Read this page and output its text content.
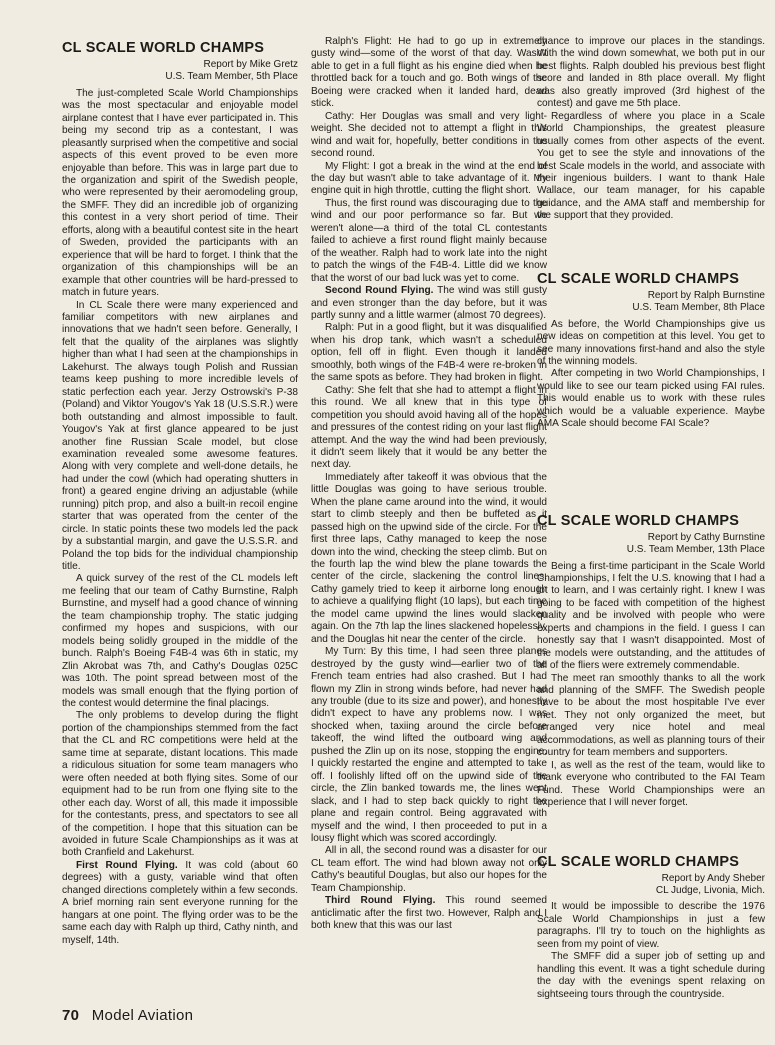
CL SCALE WORLD CHAMPS
Report by Mike Gretz
U.S. Team Member, 5th Place

The just-completed Scale World Championships was the most spectacular and enjoyable model airplane contest that I have ever participated in. This being my second trip as a contestant, I was pleasantly surprised when the competitive and social aspects of this event proved to be even more enjoyable than before. This was in large part due to the organization and spirit of the Swedish people, who were represented by their aeromodeling group, the SMFF. They did an incredible job of organizing this contest in a very short period of time. Their efforts, along with a beautiful contest site in the heart of Sweden, provided the participants with an experience that will be hard to forget. I think that the organization of this championships will be an example that other countries will be hard-pressed to match in future years.

In CL Scale there were many experienced and familiar competitors with new airplanes and innovations that we hadn't seen before. Generally, I felt that the quality of the airplanes was slightly higher than what I had seen at the championships in Lakehurst. The always tough Polish and Russian teams keep pushing to more incredible levels of static perfection each year. Jerzy Ostrowski's P-38 (Poland) and Viktor Yougov's Yak 18 (U.S.S.R.) were both outstanding and almost impossible to fault. Yougov's Yak at first glance appeared to be just another fine Russian Scale model, but close examination revealed some awesome features. Along with very complete and well-done details, he had under the cowl (which had operating shutters in front) a geared engine driving an adjustable (while running) pitch prop, and also a built-in recoil engine starter that was operated from the center of the circle. In static points these two models led the pack by a substantial margin, and gave the U.S.S.R. and Poland the top bids for the individual championship title.

A quick survey of the rest of the CL models left me feeling that our team of Cathy Burnstine, Ralph Burnstine, and myself had a good chance of winning the team championship trophy. The static judging confirmed my hopes and suspicions, with our models being solidly grouped in the middle of the bunch. Ralph's Boeing F4B-4 was 6th in static, my Zlin Akrobat was 7th, and Cathy's Douglas 025C was 10th. The point spread between most of the models was small enough that the flying portion of the contest would determine the final placings.

The only problems to develop during the flight portion of the championships stemmed from the fact that the CL and RC competitions were held at the same time at separate, distant locations. This made a ridiculous situation for some team managers who were often needed at both flying sites. Some of our equipment had to be run from one flying site to the other each day. Worst of all, this made it impossible for the contestants, press, and spectators to see all of the competition. I hope that this situation can be avoided in future Scale Championships as it was at both Cranfield and Lakehurst.

First Round Flying. It was cold (about 60 degrees) with a gusty, variable wind that often changed directions completely within a few seconds. A brief morning rain sent everyone running for the hangars at one point. The flying order was to be the same each day with Ralph up third, Cathy ninth, and myself, 14th.

Ralph's Flight: He had to go up in extremely gusty wind—some of the worst of that day. Wasn't able to get in a full flight as his engine died when he throttled back for a touch and go. Both wings of the Boeing were cracked when it landed hard, dead stick.

Cathy: Her Douglas was small and very light-weight. She decided not to attempt a flight in this wind and wait for, hopefully, better conditions in the second round.

My Flight: I got a break in the wind at the end of the day but wasn't able to take advantage of it. My engine quit in high throttle, cutting the flight short.

Thus, the first round was discouraging due to the wind and our poor performance so far. But we weren't alone—a third of the total CL contestants failed to achieve a first round flight mainly because of the weather. Ralph had to work late into the night to patch the wings of the F4B-4. Little did we know that the worst of our bad luck was yet to come.

Second Round Flying. The wind was still gusty and even stronger than the day before, but it was partly sunny and a little warmer (almost 70 degrees).

Ralph: Put in a good flight, but it was disqualified when his drop tank, which wasn't a scheduled option, fell off in flight. Even though it landed smoothly, both wings of the F4B-4 were re-broken in the same spots as before. They had broken in flight.

Cathy: She felt that she had to attempt a flight in this round. We all knew that in this type of competition you should avoid having all of the hopes and pressures of the contest riding on your last flight attempt. And the way the wind had been previously, it didn't seem likely that it would be any better the next day.

Immediately after takeoff it was obvious that the little Douglas was going to have serious trouble. When the plane came around into the wind, it would start to climb steeply and then be buffeted as it passed high on the upwind side of the circle. For the first three laps, Cathy managed to keep the nose down into the wind, checking the steep climb. But on the fourth lap the wind blew the plane towards the center of the circle, slackening the control lines. Cathy gamely tried to keep it airborne long enough to achieve a qualifying flight (10 laps), but each time the model came upwind the lines would slacken again. On the 7th lap the lines slackened hopelessly, and the Douglas hit near the center of the circle.

My Turn: By this time, I had seen three planes destroyed by the gusty wind—earlier two of the French team entries had also crashed. But I had flown my Zlin in strong winds before, had never had any trouble (due to its size and power), and honestly didn't expect to have any problems now. I was shocked when, taxiing around the circle before takeoff, the wind lifted the outboard wing and pushed the Zlin up on its nose, stopping the engine. I quickly restarted the engine and attempted to take off. I foolishly lifted off on the upwind side of the circle, the Zlin banked towards me, the lines went slack, and I had to step back quickly to right the plane and regain control. Being aggravated with myself and the wind, I then proceeded to put in a lousy flight which was scored accordingly.

All in all, the second round was a disaster for our CL team effort. The wind had blown away not only Cathy's beautiful Douglas, but also our hopes for the Team Championship.

Third Round Flying. This round seemed anticlimatic after the first two. However, Ralph and I both knew that this was our last

chance to improve our places in the standings. With the wind down somewhat, we both put in our best flights. Ralph doubled his previous best flight score and landed in 8th place overall. My flight was also greatly improved (3rd highest of the contest) and gave me 5th place.

Regardless of where you place in a Scale World Championships, the greatest pleasure usually comes from other aspects of the event. You get to see the style and innovations of the best Scale models in the world, and associate with their ingenious builders. I want to thank Hale Wallace, our team manager, for his capable guidance, and the AMA staff and membership for the support that they provided.

CL SCALE WORLD CHAMPS
Report by Ralph Burnstine
U.S. Team Member, 8th Place

As before, the World Championships give us new ideas on competition at this level. You get to see many innovations first-hand and also the style of the winning models.

After competing in two World Championships, I would like to see our team picked using FAI rules. This would enable us to work with these rules which would be a valuable experience. Maybe AMA Scale should become FAI Scale?

CL SCALE WORLD CHAMPS
Report by Cathy Burnstine
U.S. Team Member, 13th Place

Being a first-time participant in the Scale World Championships, I felt the U.S. knowing that I had a lot to learn, and I was certainly right. I knew I was going to be faced with competition of the highest quality and be involved with people who were experts and champions in the field. I guess I can honestly say that I wasn't disappointed. Most of the models were outstanding, and the attitudes of all of the fliers were extremely commendable.

The meet ran smoothly thanks to all the work and planning of the SMFF. The Swedish people have to be about the most hospitable I've ever met. They not only organized the meet, but arranged very nice hotel and meal accommodations, as well as planning tours of their country for team members and supporters.

I, as well as the rest of the team, would like to thank everyone who contributed to the FAI Team Fund. These World Championships were an experience that I will never forget.

CL SCALE WORLD CHAMPS
Report by Andy Sheber
CL Judge, Livonia, Mich.

It would be impossible to describe the 1976 Scale World Championships in just a few paragraphs. I'll try to touch on the highlights as seen from my point of view.

The SMFF did a super job of setting up and handling this event. It was a tight schedule during the day with the evenings spent relaxing on sightseeing tours through the countryside.

70 Model Aviation
